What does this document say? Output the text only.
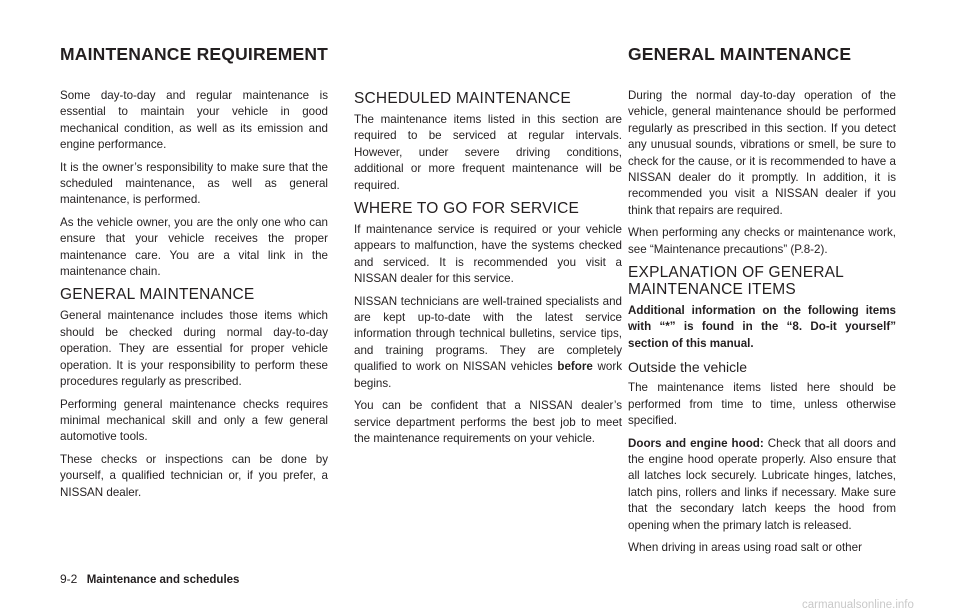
MAINTENANCE REQUIREMENT	GENERAL MAINTENANCE

Some day-to-day and regular maintenance is essential to maintain your vehicle in good mechanical condition, as well as its emission and engine performance.

It is the owner’s responsibility to make sure that the scheduled maintenance, as well as general maintenance, is performed.

As the vehicle owner, you are the only one who can ensure that your vehicle receives the proper maintenance care. You are a vital link in the maintenance chain.

GENERAL MAINTENANCE

General maintenance includes those items which should be checked during normal day-to-day operation. They are essential for proper vehicle operation. It is your responsibility to perform these procedures regularly as prescribed.

Performing general maintenance checks requires minimal mechanical skill and only a few general automotive tools.

These checks or inspections can be done by yourself, a qualified technician or, if you prefer, a NISSAN dealer.

SCHEDULED MAINTENANCE

The maintenance items listed in this section are required to be serviced at regular intervals. However, under severe driving conditions, additional or more frequent maintenance will be required.

WHERE TO GO FOR SERVICE

If maintenance service is required or your vehicle appears to malfunction, have the systems checked and serviced. It is recommended you visit a NISSAN dealer for this service.

NISSAN technicians are well-trained specialists and are kept up-to-date with the latest service information through technical bulletins, service tips, and training programs. They are completely qualified to work on NISSAN vehicles before work begins.

You can be confident that a NISSAN dealer’s service department performs the best job to meet the maintenance requirements on your vehicle.

During the normal day-to-day operation of the vehicle, general maintenance should be performed regularly as prescribed in this section. If you detect any unusual sounds, vibrations or smell, be sure to check for the cause, or it is recommended to have a NISSAN dealer do it promptly. In addition, it is recommended you visit a NISSAN dealer if you think that repairs are required.

When performing any checks or maintenance work, see “Maintenance precautions” (P.8-2).

EXPLANATION OF GENERAL MAINTENANCE ITEMS

Additional information on the following items with “*” is found in the “8. Do-it yourself” section of this manual.

Outside the vehicle

The maintenance items listed here should be performed from time to time, unless otherwise specified.

Doors and engine hood: Check that all doors and the engine hood operate properly. Also ensure that all latches lock securely. Lubricate hinges, latches, latch pins, rollers and links if necessary. Make sure that the secondary latch keeps the hood from opening when the primary latch is released.

When driving in areas using road salt or other

9-2 Maintenance and schedules
carmanualsonline.info
